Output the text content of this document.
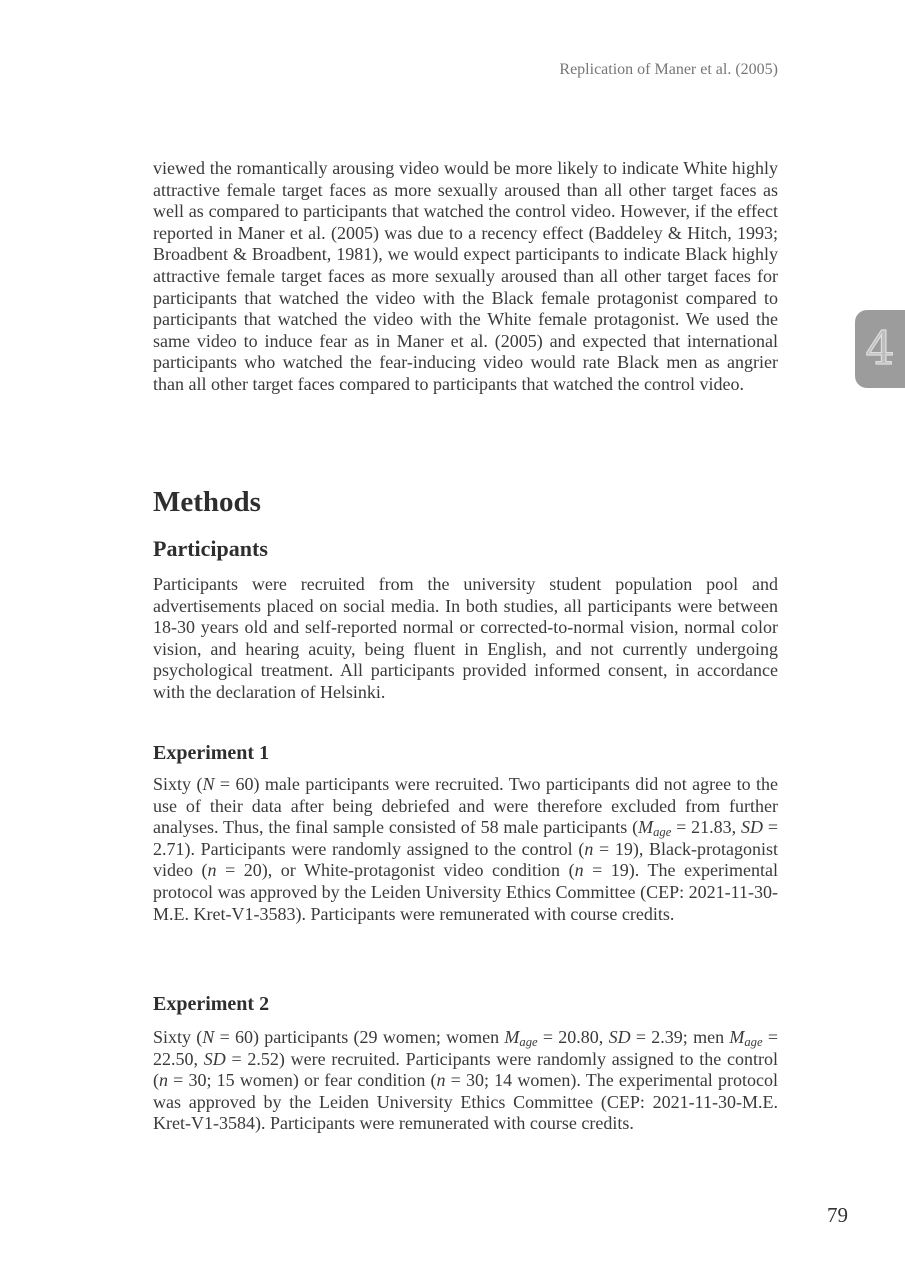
Replication of Maner et al. (2005)
4

viewed the romantically arousing video would be more likely to indicate White highly attractive female target faces as more sexually aroused than all other target faces as well as compared to participants that watched the control video. However, if the effect reported in Maner et al. (2005) was due to a recency effect (Baddeley & Hitch, 1993; Broadbent & Broadbent, 1981), we would expect participants to indicate Black highly attractive female target faces as more sexually aroused than all other target faces for participants that watched the video with the Black female protagonist compared to participants that watched the video with the White female protagonist. We used the same video to induce fear as in Maner et al. (2005) and expected that international participants who watched the fear-inducing video would rate Black men as angrier than all other target faces compared to participants that watched the control video.

Methods
Participants

Participants were recruited from the university student population pool and advertisements placed on social media. In both studies, all participants were between 18-30 years old and self-reported normal or corrected-to-normal vision, normal color vision, and hearing acuity, being fluent in English, and not currently undergoing psychological treatment. All participants provided informed consent, in accordance with the declaration of Helsinki.

Experiment 1

Sixty (N = 60) male participants were recruited. Two participants did not agree to the use of their data after being debriefed and were therefore excluded from further analyses. Thus, the final sample consisted of 58 male participants ($M_{age} = 21.83$, SD = 2.71). Participants were randomly assigned to the control (n = 19), Black-protagonist video (n = 20), or White-protagonist video condition (n = 19). The experimental protocol was approved by the Leiden University Ethics Committee (CEP: 2021-11-30-M.E. Kret-V1-3583). Participants were remunerated with course credits.

Experiment 2

Sixty (N = 60) participants (29 women; women $M_{age} = 20.80$, SD = 2.39; men $M_{age} = 22.50$, SD = 2.52) were recruited. Participants were randomly assigned to the control (n = 30; 15 women) or fear condition (n = 30; 14 women). The experimental protocol was approved by the Leiden University Ethics Committee (CEP: 2021-11-30-M.E. Kret-V1-3584). Participants were remunerated with course credits.

79
